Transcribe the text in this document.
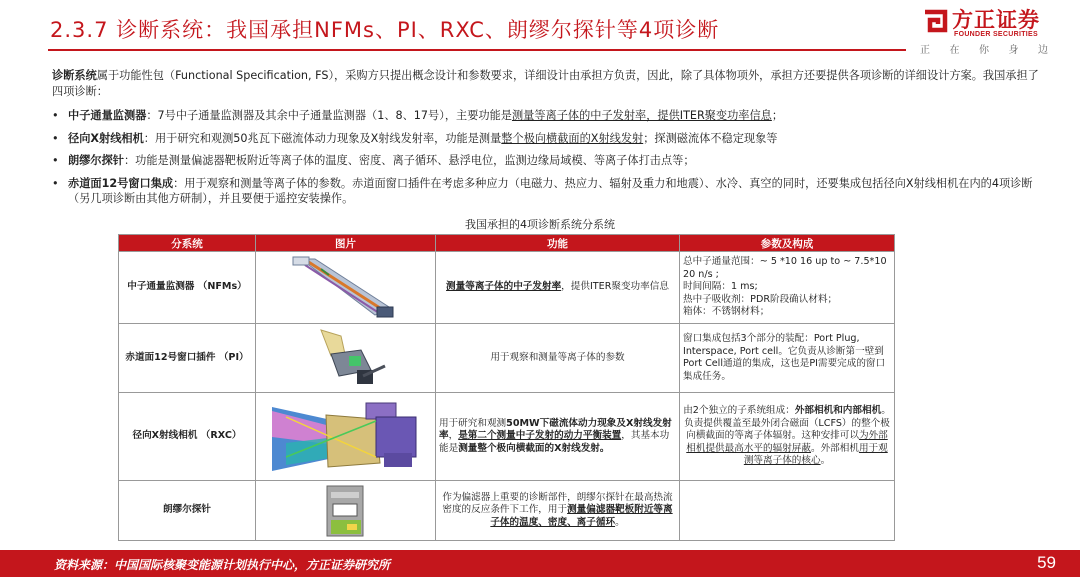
2.3.7 诊断系统：我国承担NFMs、PI、RXC、朗缪尔探针等4项诊断	方正证券
FOUNDER SECURITIES
正 在 你 身 边

诊断系统属于功能性包（Functional Specification, FS），采购方只提出概念设计和参数要求，详细设计由承担方负责，因此，除了具体物项外，承担方还要提供各项诊断的详细设计方案。我国承担了四项诊断：

• 中子通量监测器：7号中子通量监测器及其余中子通量监测器（1、8、17号），主要功能是测量等离子体的中子发射率，提供ITER聚变功率信息；
• 径向X射线相机：用于研究和观测50兆瓦下磁流体动力现象及X射线发射率，功能是测量整个极向横截面的X射线发射；探测磁流体不稳定现象等
• 朗缪尔探针：功能是测量偏滤器靶板附近等离子体的温度、密度、离子循环、悬浮电位，监测边缘局域模、等离子体打击点等；
• 赤道面12号窗口集成：用于观察和测量等离子体的参数。赤道面窗口插件在考虑多种应力（电磁力、热应力、辐射及重力和地震）、水冷、真空的同时，还要集成包括径向X射线相机在内的4项诊断（另几项诊断由其他方研制），并且要便于遥控安装操作。
我国承担的4项诊断系统分系统
分系统	图片	功能	参数及构成
中子通量监测器 （NFMs）		测量等离子体的中子发射率，提供ITER聚变功率信息	总中子通量范围：~ 5 *10 16 up to ~ 7.5*10 20 n/s ;
时间间隔：1 ms;
热中子吸收剂：PDR阶段确认材料；
箱体：不锈钢材料；

赤道面12号窗口插件 （PI）		用于观察和测量等离子体的参数	窗口集成包括3个部分的装配：Port Plug, Interspace, Port cell。它负责从诊断第一壁到Port Cell通道的集成，这也是PI需要完成的窗口集成任务。
径向X射线相机 （RXC）		用于研究和观测50MW下磁流体动力现象及X射线发射率，是第二个测量中子发射的动力平衡装置，其基本功能是测量整个极向横截面的X射线发射。	由2个独立的子系统组成：外部相机和内部相机。负责提供覆盖至最外闭合磁面（LCFS）的整个极向横截面的等离子体辐射。这种安排可以为外部相机提供最高水平的辐射屏蔽。外部相机用于观测等离子体的核心。
朗缪尔探针		作为偏滤器上重要的诊断部件，朗缪尔探针在最高热流密度的反应条件下工作，用于测量偏滤器靶板附近等离子体的温度、密度、离子循环。	
资料来源：中国国际核聚变能源计划执行中心，方正证券研究所	59
